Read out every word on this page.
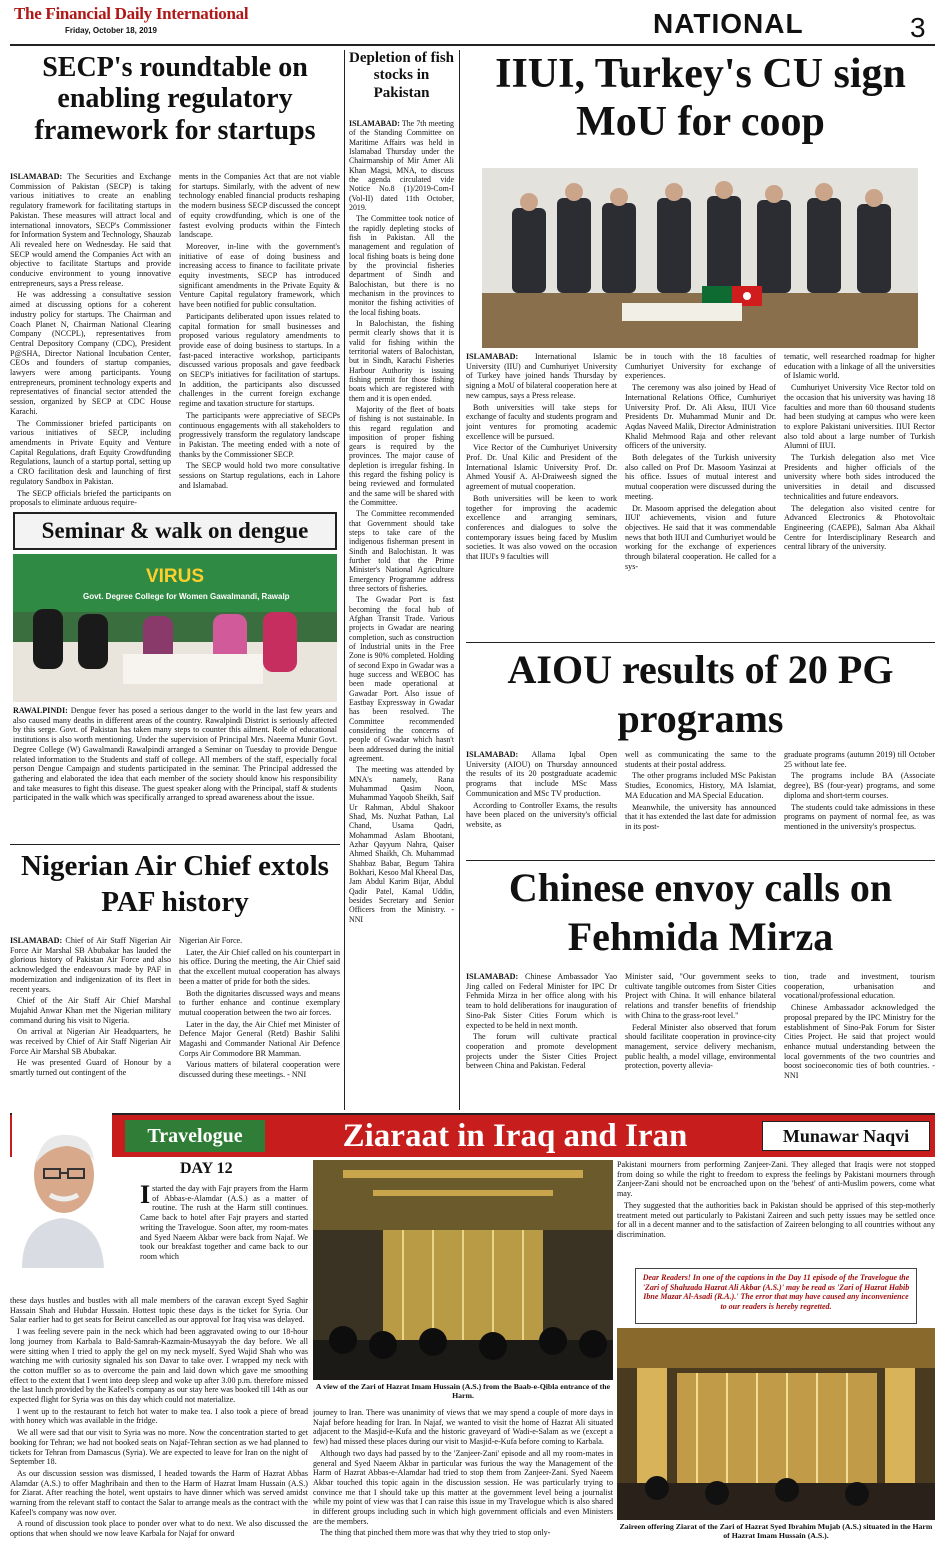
The Financial Daily International
Friday, October 18, 2019	NATIONAL	3
SECP's roundtable on enabling regulatory framework for startups

ISLAMABAD: The Securities and Exchange Commission of Pakistan (SECP) is taking various initiatives to create an enabling regulatory framework for facilitating startups in Pakistan. These measures will attract local and international innovators, SECP's Commissioner for Information System and Technology, Shauzab Ali revealed here on Wednesday. He said that SECP would amend the Companies Act with an objective to facilitate Startups and provide conducive environment to young innovative entrepreneurs, says a Press release.

He was addressing a consultative session aimed at discussing options for a coherent industry policy for startups. The Chairman and Coach Planet N, Chairman National Clearing Company (NCCPL), representatives from Central Depository Company (CDC), President P@SHA, Director National Incubation Center, CEOs and founders of startup companies, lawyers were among participants. Young entrepreneurs, prominent technology experts and representatives of financial sector attended the session, organized by SECP at CDC House Karachi.

The Commissioner briefed participants on various initiatives of SECP, including amendments in Private Equity and Venture Capital Regulations, draft Equity Crowdfunding Regulations, launch of a startup portal, setting up a CRO facilitation desk and launching of first regulatory Sandbox in Pakistan.

The SECP officials briefed the participants on proposals to eliminate arduous require-

ments in the Companies Act that are not viable for startups. Similarly, with the advent of new technology enabled financial products reshaping the modern business SECP discussed the concept of equity crowdfunding, which is one of the fastest evolving products within the Fintech landscape.

Moreover, in-line with the government's initiative of ease of doing business and increasing access to finance to facilitate private equity investments, SECP has introduced significant amendments in the Private Equity & Venture Capital regulatory framework, which have been notified for public consultation.

Participants deliberated upon issues related to capital formation for small businesses and proposed various regulatory amendments to provide ease of doing business to startups. In a fast-paced interactive workshop, participants discussed various proposals and gave feedback on SECP's initiatives for facilitation of startups. In addition, the participants also discussed challenges in the current foreign exchange regime and taxation structure for startups.

The participants were appreciative of SECPs continuous engagements with all stakeholders to progressively transform the regulatory landscape in Pakistan. The meeting ended with a note of thanks by the Commissioner SECP.

The SECP would hold two more consultative sessions on Startup regulations, each in Lahore and Islamabad.

Depletion of fish stocks in Pakistan

ISLAMABAD: The 7th meeting of the Standing Committee on Maritime Affairs was held in Islamabad Thursday under the Chairmanship of Mir Amer Ali Khan Magsi, MNA, to discuss the agenda circulated vide Notice No.8 (1)/2019-Com-I (Vol-II) dated 11th October, 2019.

The Committee took notice of the rapidly depleting stocks of fish in Pakistan. All the management and regulation of local fishing boats is being done by the provincial fisheries department of Sindh and Balochistan, but there is no mechanism in the provinces to monitor the fishing activities of the local fishing boats.

In Balochistan, the fishing permit clearly shows that it is valid for fishing within the territorial waters of Balochistan, but in Sindh, Karachi Fisheries Harbour Authority is issuing fishing permit for those fishing boats which are registered with them and it is open ended.

Majority of the fleet of boats of fishing is not sustainable. In this regard regulation and imposition of proper fishing gears is required by the provinces. The major cause of depletion is irregular fishing. In this regard the fishing policy is being reviewed and formulated and the same will be shared with the Committee.

The Committee recommended that Government should take steps to take care of the indigenous fisherman present in Sindh and Balochistan. It was further told that the Prime Minister's National Agriculture Emergency Programme address three sectors of fisheries.

The Gwadar Port is fast becoming the focal hub of Afghan Transit Trade. Various projects in Gwadar are nearing completion, such as construction of Industrial units in the Free Zone is 90% completed. Holding of second Expo in Gwadar was a huge success and WEBOC has been made operational at Gawadar Port. Also issue of Eastbay Expressway in Gwadar has been resolved. The Committee recommended considering the concerns of people of Gwadar which hasn't been addressed during the initial agreement.

The meeting was attended by MNA's namely, Rana Muhammad Qasim Noon, Muhammad Yaqoob Sheikh, Saif Ur Rahman, Abdul Shakoor Shad, Ms. Nuzhat Pathan, Lal Chand, Usama Qadri, Mohammad Aslam Bhootani, Azhar Qayyum Nahra, Qaiser Ahmed Shaikh, Ch. Muhammad Shahbaz Babar, Begum Tahira Bokhari, Kesoo Mal Kheeal Das, Jam Abdul Karim Bijar, Abdul Qadir Patel, Kamal Uddin, besides Secretary and Senior Officers from the Ministry. - NNI

IIUI, Turkey's CU sign MoU for coop

ISLAMABAD: International Islamic University (IIU) and Cumhuriyet University of Turkey have joined hands Thursday by signing a MoU of bilateral cooperation here at new campus, says a Press release.

Both universities will take steps for exchange of faculty and students program and joint ventures for promoting academic excellence will be pursued.

Vice Rector of the Cumhuriyet University Prof. Dr. Unal Kilic and President of the International Islamic University Prof. Dr. Ahmed Yousif A. Al-Draiweesh signed the agreement of mutual cooperation.

Both universities will be keen to work together for improving the academic excellence and arranging seminars, conferences and dialogues to solve the contemporary issues being faced by Muslim societies. It was also vowed on the occasion that IIUI's 9 faculties will

be in touch with the 18 faculties of Cumhuriyet University for exchange of experiences.

The ceremony was also joined by Head of International Relations Office, Cumhuriyet University Prof. Dr. Ali Aksu, IIUI Vice Presidents Dr. Muhammad Munir and Dr. Aqdas Naveed Malik, Director Administration Khalid Mehmood Raja and other relevant officers of the university.

Both delegates of the Turkish university also called on Prof Dr. Masoom Yasinzai at his office. Issues of mutual interest and mutual cooperation were discussed during the meeting.

Dr. Masoom apprised the delegation about IIUI' achievements, vision and future objectives. He said that it was commendable news that both IIUI and Cumhuriyet would be working for the exchange of experiences through bilateral cooperation. He called for a sys-

tematic, well researched roadmap for higher education with a linkage of all the universities of Islamic world.

Cumhuriyet University Vice Rector told on the occasion that his university was having 18 faculties and more than 60 thousand students had been studying at campus who were keen to explore Pakistani universities. IIUI Rector also told about a large number of Turkish Alumni of IIUI.

The Turkish delegation also met Vice Presidents and higher officials of the university where both sides introduced the universities in detail and discussed technicalities and future endeavors.

The delegation also visited centre for Advanced Electronics & Photovoltaic Engineering (CAEPE), Salman Aba Akhail Centre for Interdisciplinary Research and central library of the university.

Seminar & walk on dengue
VIRUS
Govt. Degree College for Women Gawalmandi, Rawalp

RAWALPINDI: Dengue fever has posed a serious danger to the world in the last few years and also caused many deaths in different areas of the country. Rawalpindi District is seriously affected by this serge. Govt. of Pakistan has taken many steps to counter this ailment. Role of educational institutions is also worth mentioning. Under the supervision of Principal Mrs. Naeema Munir Govt. Degree College (W) Gawalmandi Rawalpindi arranged a Seminar on Tuesday to provide Dengue related information to the Students and staff of college. All members of the staff, especially focal person Dengue Campaign and students participated in the seminar. The Principal addressed the gathering and elaborated the idea that each member of the society should know his responsibility and take measures to fight this disease. The guest speaker along with the Principal, staff & students participated in the walk which was specifically arranged to spread awareness about the issue.

AIOU results of 20 PG programs

ISLAMABAD: Allama Iqbal Open University (AIOU) on Thursday announced the results of its 20 postgraduate academic programs that include MSc Mass Communication and MSc TV production.

According to Controller Exams, the results have been placed on the university's official website, as

well as communicating the same to the students at their postal address.

The other programs included MSc Pakistan Studies, Economics, History, MA Islamiat, MA Education and MA Special Education.

Meanwhile, the university has announced that it has extended the last date for admission in its post-

graduate programs (autumn 2019) till October 25 without late fee.

The programs include BA (Associate degree), BS (four-year) programs, and some diploma and short-term courses.

The students could take admissions in these programs on payment of normal fee, as was mentioned in the university's prospectus.

Nigerian Air Chief extols PAF history

ISLAMABAD: Chief of Air Staff Nigerian Air Force Air Marshal SB Abubakar has lauded the glorious history of Pakistan Air Force and also acknowledged the endeavours made by PAF in modernization and indigenization of its fleet in recent years.

Chief of the Air Staff Air Chief Marshal Mujahid Anwar Khan met the Nigerian military command during his visit to Nigeria.

On arrival at Nigerian Air Headquarters, he was received by Chief of Air Staff Nigerian Air Force Air Marshal SB Abubakar.

He was presented Guard of Honour by a smartly turned out contingent of the

Nigerian Air Force.

Later, the Air Chief called on his counterpart in his office. During the meeting, the Air Chief said that the excellent mutual cooperation has always been a matter of pride for both the sides.

Both the dignitaries discussed ways and means to further enhance and continue exemplary mutual cooperation between the two air forces.

Later in the day, the Air Chief met Minister of Defence Major General (Retd) Bashir Salihi Magashi and Commander National Air Defence Corps Air Commodore BR Mamman.

Various matters of bilateral cooperation were discussed during these meetings. - NNI

Chinese envoy calls on Fehmida Mirza

ISLAMABAD: Chinese Ambassador Yao Jing called on Federal Minister for IPC Dr Fehmida Mirza in her office along with his team to hold deliberations for inauguration of Sino-Pak Sister Cities Forum which is expected to be held in next month.

The forum will cultivate practical cooperation and promote development projects under the Sister Cities Project between China and Pakistan. Federal

Minister said, "Our government seeks to cultivate tangible outcomes from Sister Cities Project with China. It will enhance bilateral relations and transfer benefits of friendship with China to the grass-root level."

Federal Minister also observed that forum should facilitate cooperation in province-city management, service delivery mechanism, public health, a model village, environmental protection, poverty allevia-

tion, trade and investment, tourism cooperation, urbanisation and vocational/professional education.

Chinese Ambassador acknowledged the proposal prepared by the IPC Ministry for the establishment of Sino-Pak Forum for Sister Cities Project. He said that project would enhance mutual understanding between the local governments of the two countries and boost socioeconomic ties of both countries. - NNI

Travelogue	Ziaraat in Iraq and Iran	Munawar Naqvi
DAY 12

Istarted the day with Fajr prayers from the Harm of Abbas-e-Alamdar (A.S.) as a matter of routine. The rush at the Harm still continues. Came back to hotel after Fajr prayers and started writing the Travelogue. Soon after, my room-mates and Syed Naeem Akbar were back from Najaf. We took our breakfast together and came back to our room which

these days hustles and bustles with all male members of the caravan except Syed Saghir Hassain Shah and Hubdar Hussain. Hottest topic these days is the ticket for Syria. Our Salar earlier had to get seats for Beirut cancelled as our approval for Iraq visa was delayed.

I was feeling severe pain in the neck which had been aggravated owing to our 18-hour long journey from Karbala to Bald-Samrah-Kazmain-Musayyab the day before. We all were sitting when I tried to apply the gel on my neck myself. Syed Wajid Shah who was watching me with curiosity signaled his son Davar to take over. I wrapped my neck with the cotton muffler so as to overcome the pain and laid down which gave me smoothing effect to the extent that I went into deep sleep and woke up after 3.00 p.m. therefore missed the last lunch provided by the Kafeel's company as our stay here was booked till 14th as our expected flight for Syria was on this day which could not materialize.

I went up to the restaurant to fetch hot water to make tea. I also took a piece of bread with honey which was available in the fridge.

We all were sad that our visit to Syria was no more. Now the concentration started to get booking for Tehran; we had not booked seats on Najaf-Tehran section as we had planned to tickets for Tehran from Damascus (Syria). We are expected to leave for Iran on the night of September 18.

As our discussion session was dismissed, I headed towards the Harm of Hazrat Abbas Alamdar (A.S.) to offer Maghribain and then to the Harm of Hazrat Imam Hussain (A.S.) for Ziarat. After reaching the hotel, went upstairs to have dinner which was served amidst warning from the relevant staff to contact the Salar to arrange meals as the contract with the Kafeel's company was now over.

A round of discussion took place to ponder over what to do next. We also discussed the options that when should we now leave Karbala for Najaf for onward

A view of the Zari of Hazrat Imam Hussain (A.S.) from the Baab-e-Qibla entrance of the Harm.

journey to Iran. There was unanimity of views that we may spend a couple of more days in Najaf before heading for Iran. In Najaf, we wanted to visit the home of Hazrat Ali situated adjacent to the Masjid-e-Kufa and the historic graveyard of Wadi-e-Salam as we (except a few) had missed these places during our visit to Masjid-e-Kufa before coming to Karbala.

Although two days had passed by to the 'Zanjeer-Zani' episode and all my room-mates in general and Syed Naeem Akbar in particular was furious the way the Management of the Harm of Hazrat Abbas-e-Alamdar had tried to stop them from Zanjeer-Zani. Syed Naeem Akbar touched this topic again in the discussion session. He was particularly trying to convince me that I should take up this matter at the government level being a journalist while my point of view was that I can raise this issue in my Travelogue which is also shared in different groups including such in which high government officials and even Ministers are the members.

The thing that pinched them more was that why they tried to stop only-

Pakistani mourners from performing Zanjeer-Zani. They alleged that Iraqis were not stopped from doing so while the right to freedom to express the feelings by Pakistani mourners through Zanjeer-Zani should not be encroached upon on the 'behest' of anti-Muslim powers, come what may.

They suggested that the authorities back in Pakistan should be apprised of this step-motherly treatment meted out particularly to Pakistani Zaireen and such petty issues may be settled once for all in a decent manner and to the satisfaction of Zaireen belonging to all countries without any discrimination.

Dear Readers! In one of the captions in the Day 11 episode of the Travelogue the 'Zari of Shahzada Hazrat Ali Akbar (A.S.)' may be read as 'Zari of Hazrat Habib Ibne Mazar Al-Asadi (R.A.).' The error that may have caused any inconvenience to our readers is hereby regretted.
Zaireen offering Ziarat of the Zari of Hazrat Syed Ibrahim Mujab (A.S.) situated in the Harm of Hazrat Imam Hussain (A.S.).
